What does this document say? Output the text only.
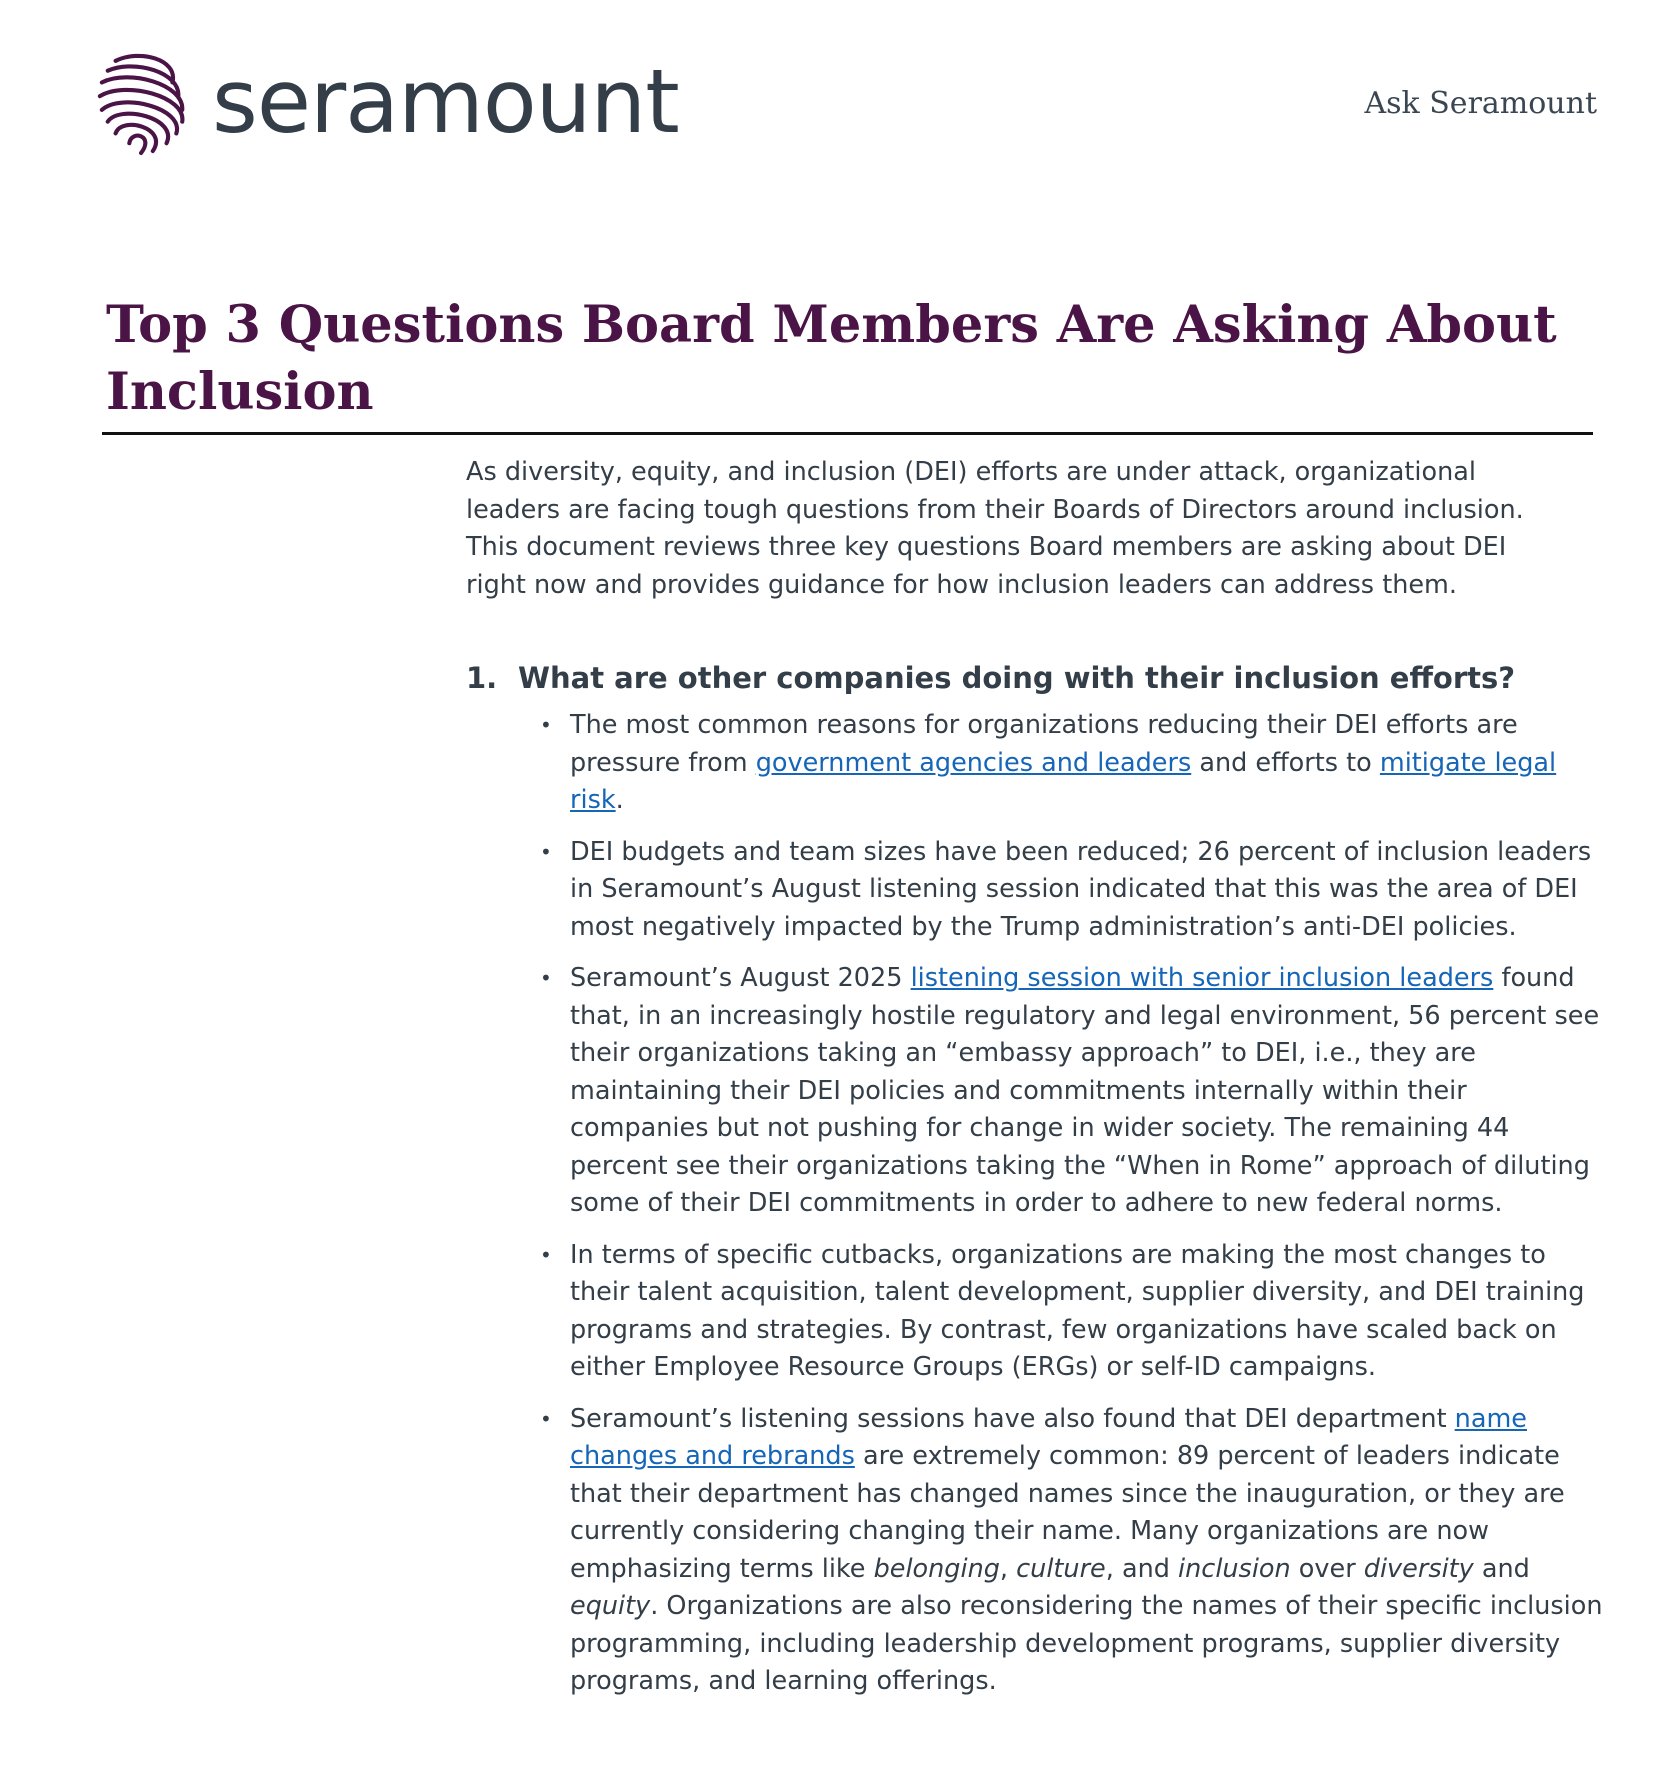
seramount	Ask Seramount
Top 3 Questions Board Members Are Asking About Inclusion

As diversity, equity, and inclusion (DEI) efforts are under attack, organizational leaders are facing tough questions from their Boards of Directors around inclusion. This document reviews three key questions Board members are asking about DEI right now and provides guidance for how inclusion leaders can address them.

1. What are other companies doing with their inclusion efforts?
• The most common reasons for organizations reducing their DEI efforts are pressure from government agencies and leaders and efforts to mitigate legal risk.
• DEI budgets and team sizes have been reduced; 26 percent of inclusion leaders in Seramount’s August listening session indicated that this was the area of DEI most negatively impacted by the Trump administration’s anti-DEI policies.
• Seramount’s August 2025 listening session with senior inclusion leaders found that, in an increasingly hostile regulatory and legal environment, 56 percent see their organizations taking an “embassy approach” to DEI, i.e., they are maintaining their DEI policies and commitments internally within their companies but not pushing for change in wider society. The remaining 44 percent see their organizations taking the “When in Rome” approach of diluting some of their DEI commitments in order to adhere to new federal norms.
• In terms of specific cutbacks, organizations are making the most changes to their talent acquisition, talent development, supplier diversity, and DEI training programs and strategies. By contrast, few organizations have scaled back on either Employee Resource Groups (ERGs) or self-ID campaigns.
• Seramount’s listening sessions have also found that DEI department name changes and rebrands are extremely common: 89 percent of leaders indicate that their department has changed names since the inauguration, or they are currently considering changing their name. Many organizations are now emphasizing terms like belonging, culture, and inclusion over diversity and equity. Organizations are also reconsidering the names of their specific inclusion programming, including leadership development programs, supplier diversity programs, and learning offerings.
